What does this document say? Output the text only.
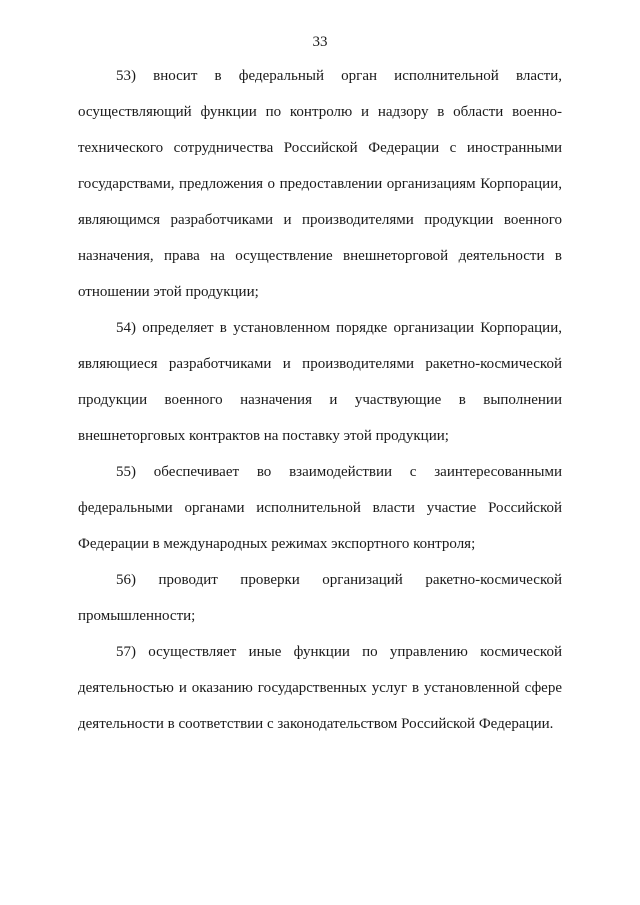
33
53) вносит в федеральный орган исполнительной власти,
осуществляющий функции по контролю и надзору в области военно-
технического сотрудничества Российской Федерации с иностранными
государствами, предложения о предоставлении организациям Корпорации,
являющимся разработчиками и производителями продукции военного
назначения, права на осуществление внешнеторговой деятельности в
отношении этой продукции;
54) определяет в установленном порядке организации Корпорации,
являющиеся разработчиками и производителями ракетно-космической
продукции военного назначения и участвующие в выполнении
внешнеторговых контрактов на поставку этой продукции;
55) обеспечивает во взаимодействии с заинтересованными
федеральными органами исполнительной власти участие Российской
Федерации в международных режимах экспортного контроля;
56) проводит проверки организаций ракетно-космической
промышленности;
57) осуществляет иные функции по управлению космической
деятельностью и оказанию государственных услуг в установленной сфере
деятельности в соответствии с законодательством Российской Федерации.
